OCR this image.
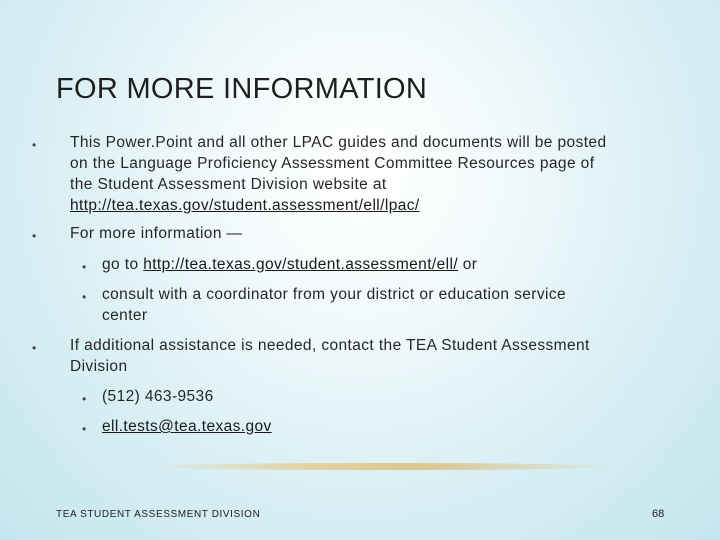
FOR MORE INFORMATION
• This Power.Point and all other LPAC guides and documents will be posted
on the Language Proficiency Assessment Committee Resources page of
the Student Assessment Division website at
http://tea.texas.gov/student.assessment/ell/lpac/
• For more information —
• go to http://tea.texas.gov/student.assessment/ell/ or
• consult with a coordinator from your district or education service
center
• If additional assistance is needed, contact the TEA Student Assessment
Division
• (512) 463-9536
• ell.tests@tea.texas.gov
TEA STUDENT ASSESSMENT DIVISION	68
